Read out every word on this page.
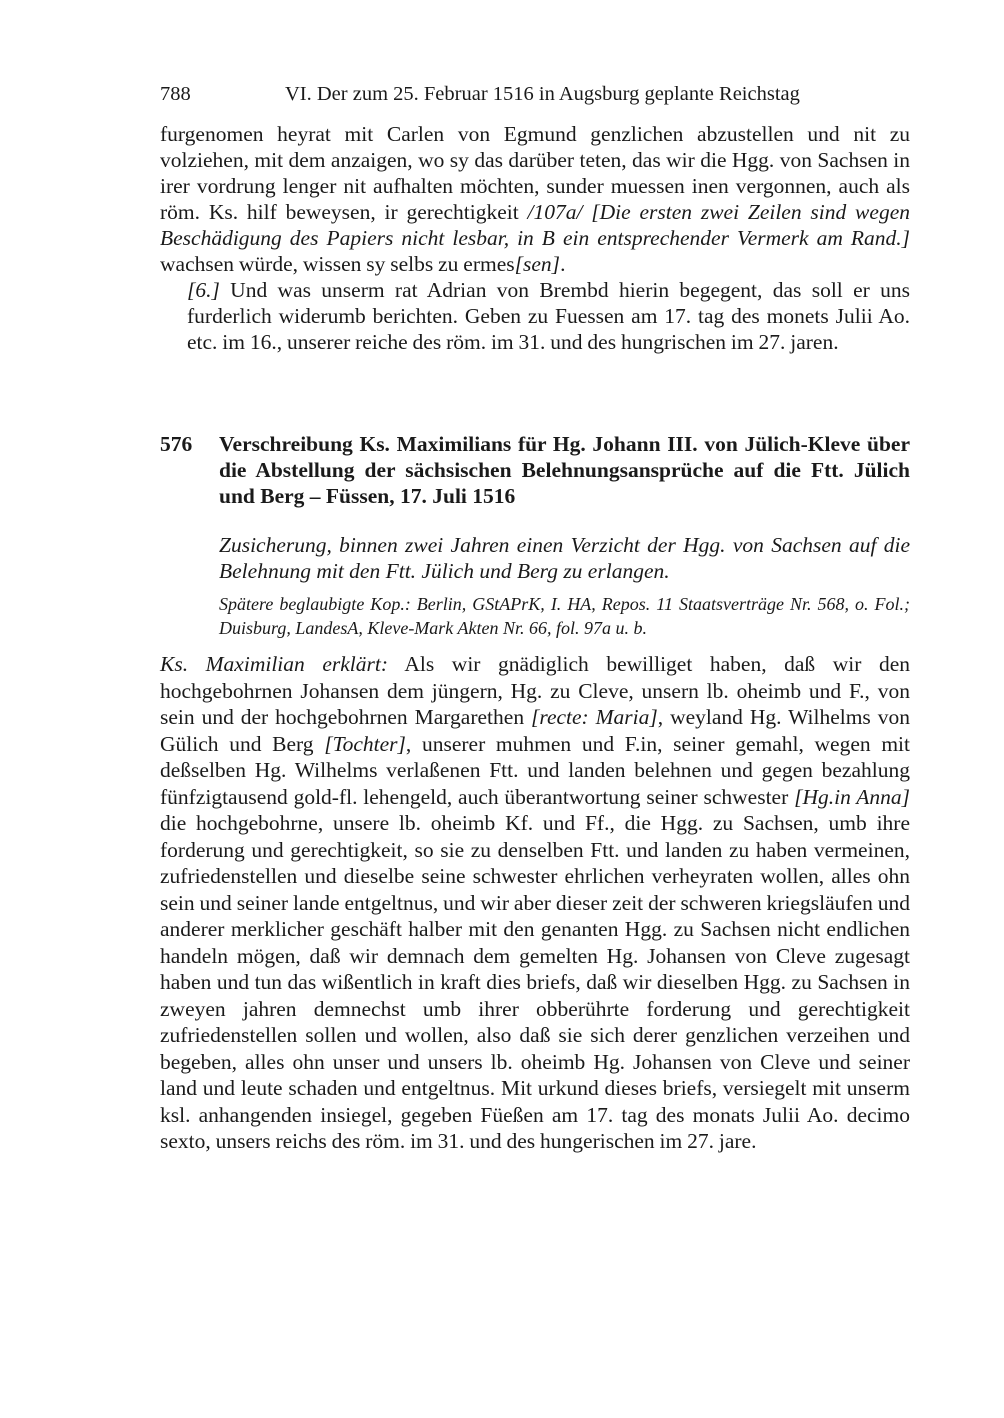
788	VI. Der zum 25. Februar 1516 in Augsburg geplante Reichstag
furgenomen heyrat mit Carlen von Egmund genzlichen abzustellen und nit zu volziehen, mit dem anzaigen, wo sy das darüber teten, das wir die Hgg. von Sachsen in irer vordrung lenger nit aufhalten möchten, sunder muessen inen vergonnen, auch als röm. Ks. hilf beweysen, ir gerechtigkeit /107a/ [Die ersten zwei Zeilen sind wegen Beschädigung des Papiers nicht lesbar, in B ein entsprechender Vermerk am Rand.] wachsen würde, wissen sy selbs zu ermes[sen].
[6.] Und was unserm rat Adrian von Brembd hierin begegent, das soll er uns furderlich widerumb berichten. Geben zu Fuessen am 17. tag des monets Julii Ao. etc. im 16., unserer reiche des röm. im 31. und des hungrischen im 27. jaren.
576 Verschreibung Ks. Maximilians für Hg. Johann III. von Jülich-Kleve über die Abstellung der sächsischen Belehnungsansprüche auf die Ftt. Jülich und Berg – Füssen, 17. Juli 1516
Zusicherung, binnen zwei Jahren einen Verzicht der Hgg. von Sachsen auf die Belehnung mit den Ftt. Jülich und Berg zu erlangen.
Spätere beglaubigte Kop.: Berlin, GStAPrK, I. HA, Repos. 11 Staatsverträge Nr. 568, o. Fol.; Duisburg, LandesA, Kleve-Mark Akten Nr. 66, fol. 97a u. b.
Ks. Maximilian erklärt: Als wir gnädiglich bewilliget haben, daß wir den hochgebohrnen Johansen dem jüngern, Hg. zu Cleve, unsern lb. oheimb und F., von sein und der hochgebohrnen Margarethen [recte: Maria], weyland Hg. Wilhelms von Gülich und Berg [Tochter], unserer muhmen und F.in, seiner gemahl, wegen mit deßselben Hg. Wilhelms verlaßenen Ftt. und landen belehnen und gegen bezahlung fünfzigtausend gold-fl. lehengeld, auch überantwortung seiner schwester [Hg.in Anna] die hochgebohrne, unsere lb. oheimb Kf. und Ff., die Hgg. zu Sachsen, umb ihre forderung und gerechtigkeit, so sie zu denselben Ftt. und landen zu haben vermeinen, zufriedenstellen und dieselbe seine schwester ehrlichen verheyraten wollen, alles ohn sein und seiner lande entgeltnus, und wir aber dieser zeit der schweren kriegsläufen und anderer merklicher geschäft halber mit den genanten Hgg. zu Sachsen nicht endlichen handeln mögen, daß wir demnach dem gemelten Hg. Johansen von Cleve zugesagt haben und tun das wißentlich in kraft dies briefs, daß wir dieselben Hgg. zu Sachsen in zweyen jahren demnechst umb ihrer obberührte forderung und gerechtigkeit zufriedenstellen sollen und wollen, also daß sie sich derer genzlichen verzeihen und begeben, alles ohn unser und unsers lb. oheimb Hg. Johansen von Cleve und seiner land und leute schaden und entgeltnus. Mit urkund dieses briefs, versiegelt mit unserm ksl. anhangenden insiegel, gegeben Füeßen am 17. tag des monats Julii Ao. decimo sexto, unsers reichs des röm. im 31. und des hungerischen im 27. jare.
